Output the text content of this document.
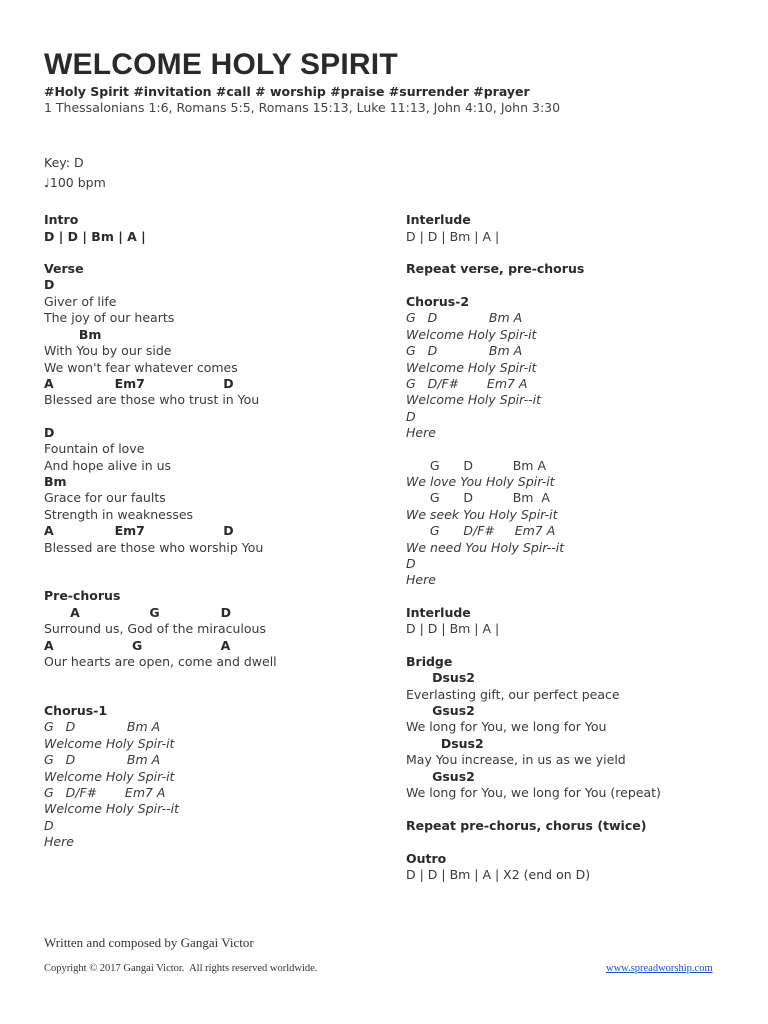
WELCOME HOLY SPIRIT
#Holy Spirit #invitation #call # worship #praise #surrender #prayer
1 Thessalonians 1:6, Romans 5:5, Romans 15:13, Luke 11:13, John 4:10, John 3:30
Key: D
♩100 bpm
Intro
D | D | Bm | A |
Verse
D
Giver of life
The joy of our hearts
Bm
With You by our side
We won't fear whatever comes
A              Em7                  D
Blessed are those who trust in You
D
Fountain of love
And hope alive in us
Bm
Grace for our faults
Strength in weaknesses
A              Em7                  D
Blessed are those who worship You
Pre-chorus
A                G              D
Surround us, God of the miraculous
A                  G                  A
Our hearts are open, come and dwell
Chorus-1
G   D             Bm A
Welcome Holy Spir-it
G   D             Bm A
Welcome Holy Spir-it
G   D/F#       Em7 A
Welcome Holy Spir--it
D
Here
Interlude
D | D | Bm | A |
Repeat verse, pre-chorus
Chorus-2
G   D             Bm A
Welcome Holy Spir-it
G   D             Bm A
Welcome Holy Spir-it
G   D/F#       Em7 A
Welcome Holy Spir--it
D
Here
G      D          Bm A
We love You Holy Spir-it
G      D          Bm  A
We seek You Holy Spir-it
G      D/F#     Em7 A
We need You Holy Spir--it
D
Here
Interlude
D | D | Bm | A |
Bridge
Dsus2
Everlasting gift, our perfect peace
Gsus2
We long for You, we long for You
Dsus2
May You increase, in us as we yield
Gsus2
We long for You, we long for You (repeat)
Repeat pre-chorus, chorus (twice)
Outro
D | D | Bm | A | X2 (end on D)
Written and composed by Gangai Victor
Copyright © 2017 Gangai Victor.  All rights reserved worldwide.	www.spreadworship.com
